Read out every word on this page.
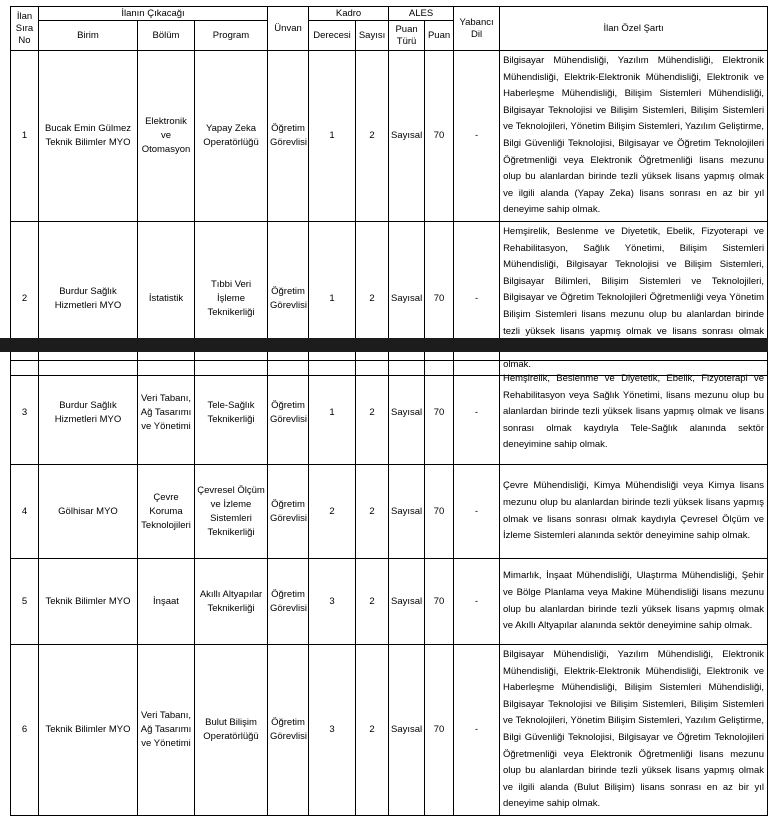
İlan Sıra No	İlanın Çıkacağı			Ünvan	Kadro		ALES		Yabancı Dil	İlan Özel Şartı
	Birim	Bölüm	Program		Derecesi	Sayısı	Puan Türü	Puan		
1	Bucak Emin Gülmez Teknik Bilimler MYO	Elektronik ve Otomasyon	Yapay Zeka Operatörlüğü	Öğretim Görevlisi	1	2	Sayısal	70	-	Bilgisayar Mühendisliği, Yazılım Mühendisliği, Elektronik Mühendisliği, Elektrik-Elektronik Mühendisliği, Elektronik ve Haberleşme Mühendisliği, Bilişim Sistemleri Mühendisliği, Bilgisayar Teknolojisi ve Bilişim Sistemleri, Bilişim Sistemleri ve Teknolojileri, Yönetim Bilişim Sistemleri, Yazılım Geliştirme, Bilgi Güvenliği Teknolojisi, Bilgisayar ve Öğretim Teknolojileri Öğretmenliği veya Elektronik Öğretmenliği lisans mezunu olup bu alanlardan birinde tezli yüksek lisans yapmış olmak ve ilgili alanda (Yapay Zeka) lisans sonrası en az bir yıl deneyime sahip olmak.
2	Burdur Sağlık Hizmetleri MYO	İstatistik	Tıbbi Veri İşleme Teknikerliği	Öğretim Görevlisi	1	2	Sayısal	70	-	Hemşirelik, Beslenme ve Diyetetik, Ebelik, Fizyoterapi ve Rehabilitasyon, Sağlık Yönetimi, Bilişim Sistemleri Mühendisliği, Bilgisayar Teknolojisi ve Bilişim Sistemleri, Bilgisayar Bilimleri, Bilişim Sistemleri ve Teknolojileri, Bilgisayar ve Öğretim Teknolojileri Öğretmenliği veya Yönetim Bilişim Sistemleri lisans mezunu olup bu alanlardan birinde tezli yüksek lisans yapmış olmak ve lisans sonrası olmak olmak.
3	Burdur Sağlık Hizmetleri MYO	Veri Tabanı, Ağ Tasarımı ve Yönetimi	Tele-Sağlık Teknikerliği	Öğretim Görevlisi	1	2	Sayısal	70	-	Hemşirelik, Beslenme ve Diyetetik, Ebelik, Fizyoterapi ve Rehabilitasyon veya Sağlık Yönetimi, lisans mezunu olup bu alanlardan birinde tezli yüksek lisans yapmış olmak ve lisans sonrası olmak kaydıyla Tele-Sağlık alanında sektör deneyimine sahip olmak.
4	Gölhisar MYO	Çevre Koruma Teknolojileri	Çevresel Ölçüm ve İzleme Sistemleri Teknikerliği	Öğretim Görevlisi	2	2	Sayısal	70	-	Çevre Mühendisliği, Kimya Mühendisliği veya Kimya lisans mezunu olup bu alanlardan birinde tezli yüksek lisans yapmış olmak ve lisans sonrası olmak kaydıyla Çevresel Ölçüm ve İzleme Sistemleri alanında sektör deneyimine sahip olmak.
5	Teknik Bilimler MYO	İnşaat	Akıllı Altyapılar Teknikerliği	Öğretim Görevlisi	3	2	Sayısal	70	-	Mimarlık, İnşaat Mühendisliği, Ulaştırma Mühendisliği, Şehir ve Bölge Planlama veya Makine Mühendisliği lisans mezunu olup bu alanlardan birinde tezli yüksek lisans yapmış olmak ve Akıllı Altyapılar alanında sektör deneyimine sahip olmak.
6	Teknik Bilimler MYO	Veri Tabanı, Ağ Tasarımı ve Yönetimi	Bulut Bilişim Operatörlüğü	Öğretim Görevlisi	3	2	Sayısal	70	-	Bilgisayar Mühendisliği, Yazılım Mühendisliği, Elektronik Mühendisliği, Elektrik-Elektronik Mühendisliği, Elektronik ve Haberleşme Mühendisliği, Bilişim Sistemleri Mühendisliği, Bilgisayar Teknolojisi ve Bilişim Sistemleri, Bilişim Sistemleri ve Teknolojileri, Yönetim Bilişim Sistemleri, Yazılım Geliştirme, Bilgi Güvenliği Teknolojisi, Bilgisayar ve Öğretim Teknolojileri Öğretmenliği veya Elektronik Öğretmenliği lisans mezunu olup bu alanlardan birinde tezli yüksek lisans yapmış olmak ve ilgili alanda (Bulut Bilişim) lisans sonrası en az bir yıl deneyime sahip olmak.
